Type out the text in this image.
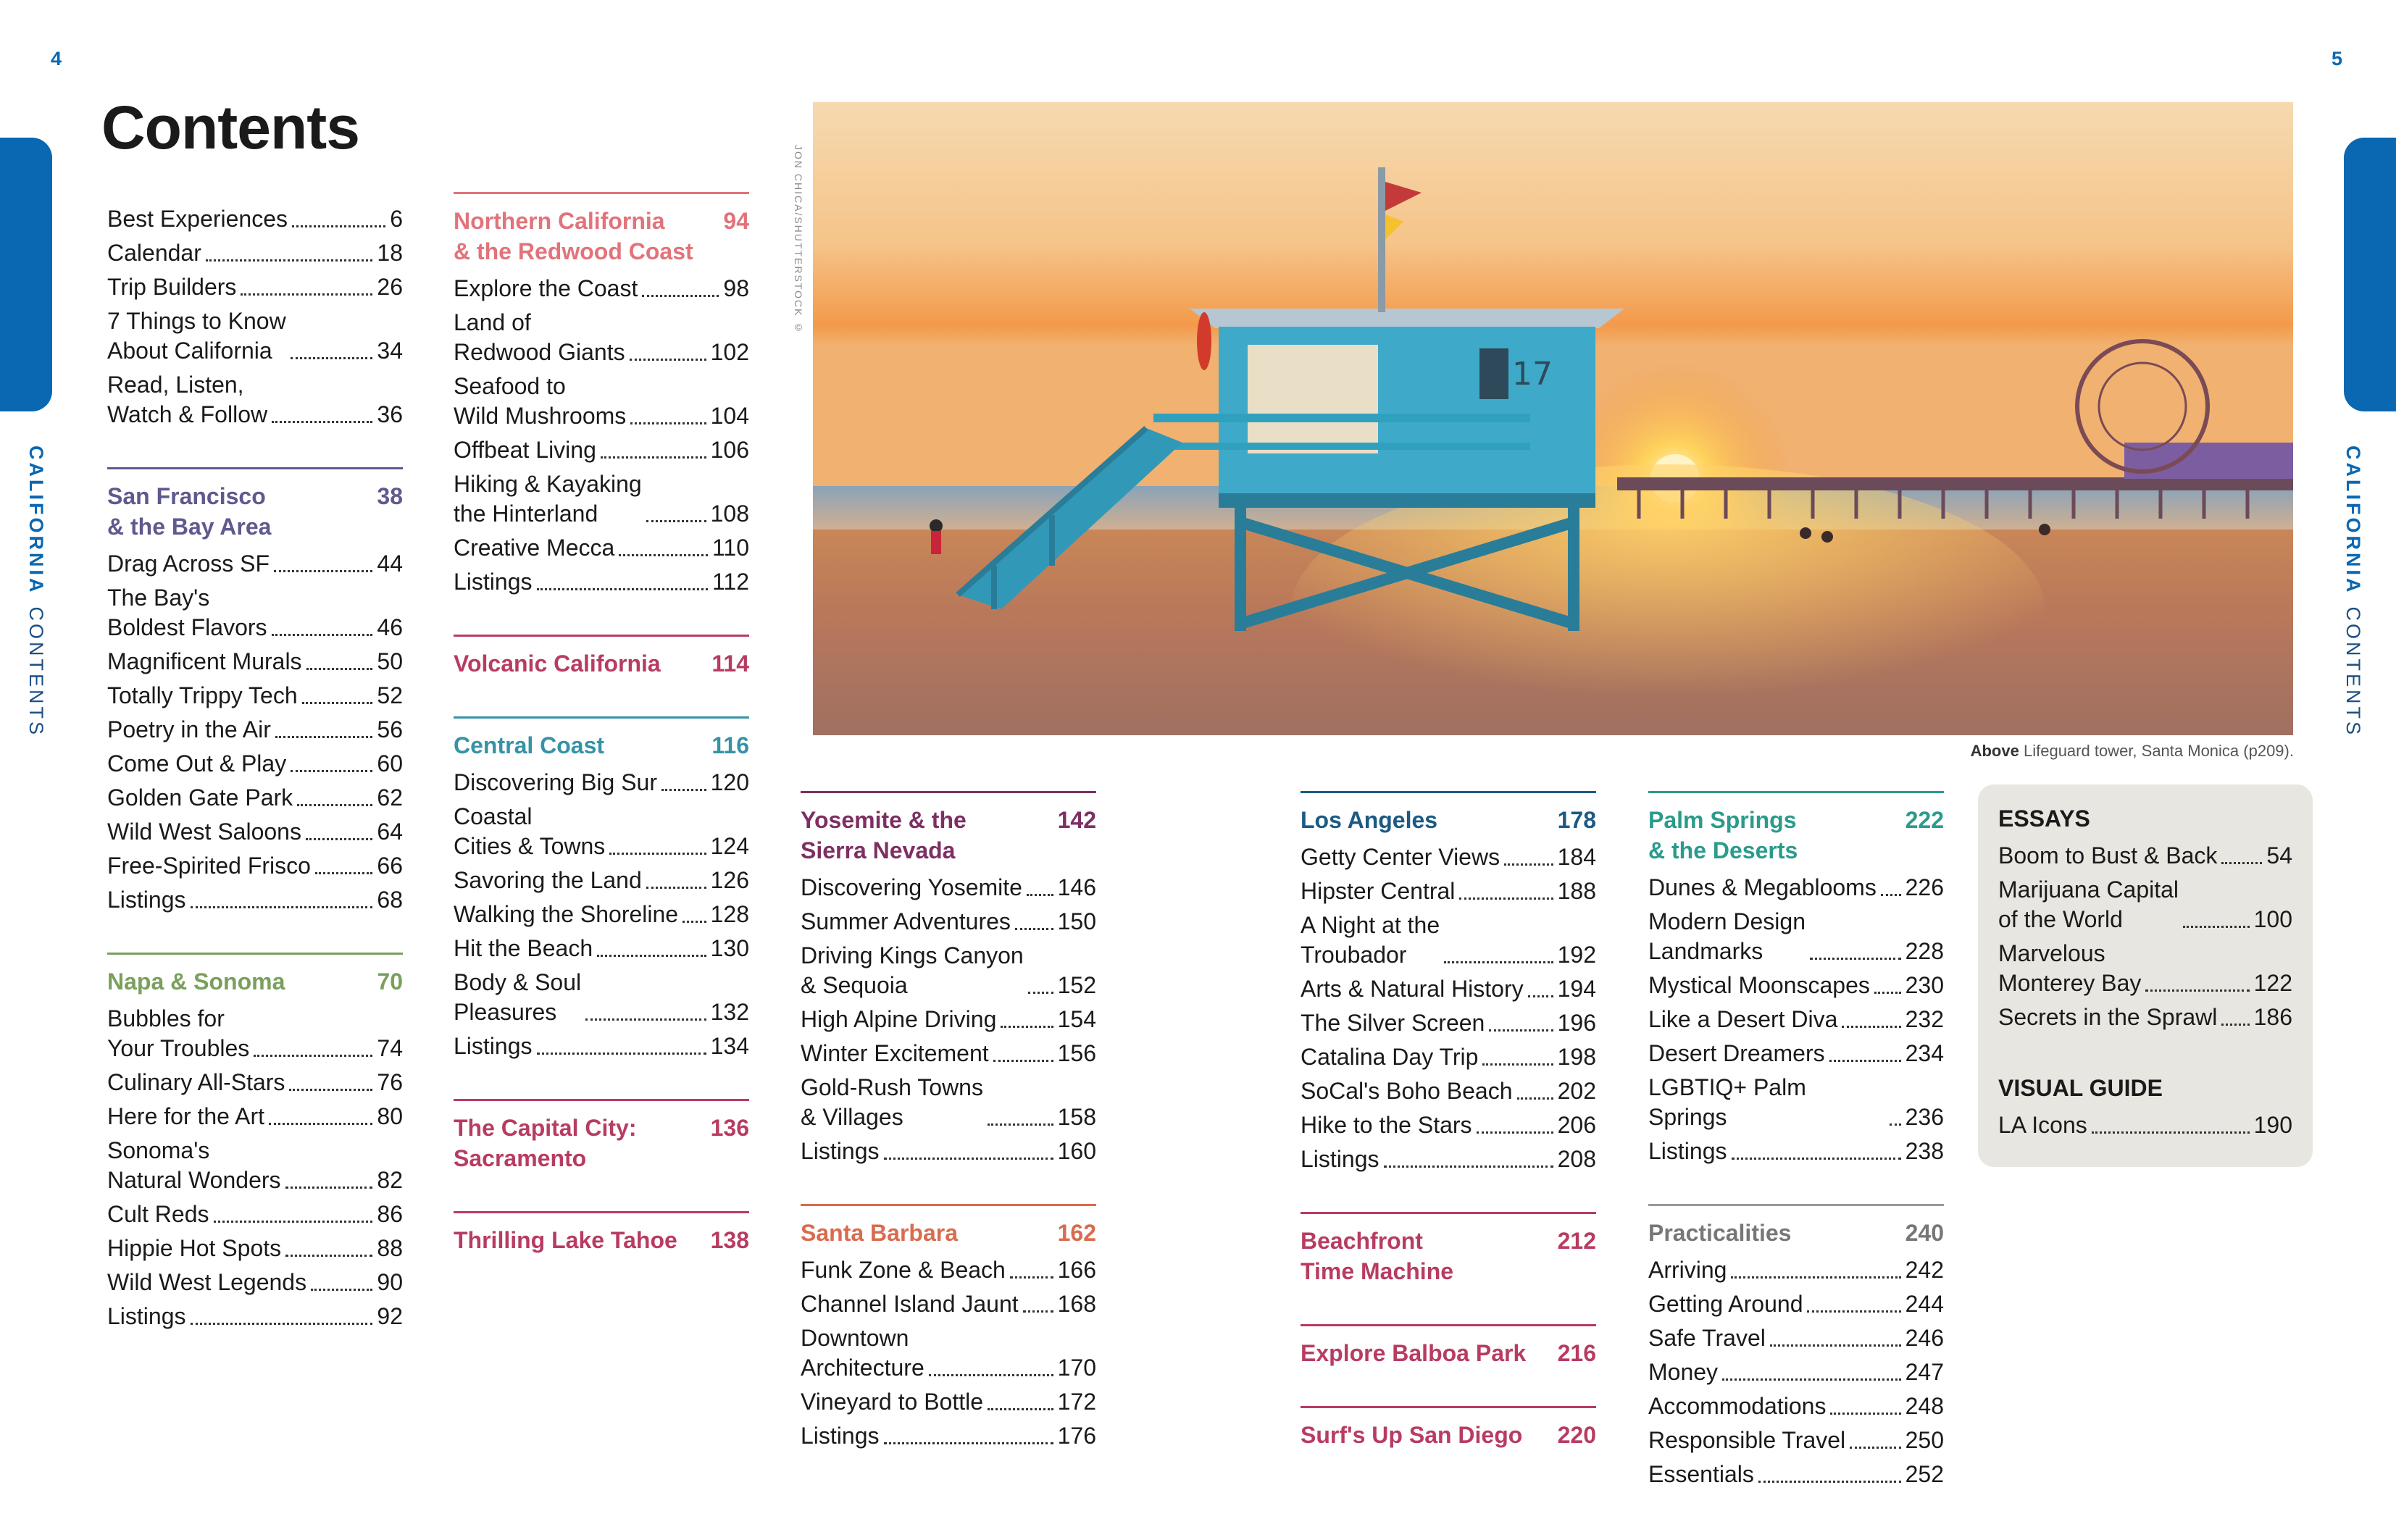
4	5
CALIFORNIACONTENTS
CALIFORNIACONTENTS
Contents
Best Experiences	6
Calendar	18
Trip Builders	26
7 Things to Know
About California	34
Read, Listen,
Watch & Follow	36
San Francisco
& the Bay Area
38
Drag Across SF	44
The Bay's
Boldest Flavors	46
Magnificent Murals	50
Totally Trippy Tech	52
Poetry in the Air	56
Come Out & Play	60
Golden Gate Park	62
Wild West Saloons	64
Free-Spirited Frisco	66
Listings	68
Napa & Sonoma	70
Bubbles for
Your Troubles	74
Culinary All-Stars	76
Here for the Art	80
Sonoma's
Natural Wonders	82
Cult Reds	86
Hippie Hot Spots	88
Wild West Legends	90
Listings	92
Northern California
& the Redwood Coast
94
Explore the Coast	98
Land of
Redwood Giants	102
Seafood to
Wild Mushrooms	104
Offbeat Living	106
Hiking & Kayaking
the Hinterland	108
Creative Mecca	110
Listings	112
Volcanic California 114
Central Coast	116
Discovering Big Sur 120
Coastal
Cities & Towns	124
Savoring the Land	126
Walking the Shoreline 128
Hit the Beach	130
Body & Soul
Pleasures	132
Listings	134
The Capital City:
Sacramento
136
Thrilling Lake Tahoe 138
JON CHICA/SHUTTERSTOCK ©
17
Above Lifeguard tower, Santa Monica (p209).
Yosemite & the
Sierra Nevada
142
Discovering Yosemite 146
Summer Adventures 150
Driving Kings Canyon
& Sequoia	152
High Alpine Driving	154
Winter Excitement	156
Gold-Rush Towns
& Villages	158
Listings	160
Santa Barbara	162
Funk Zone & Beach 166
Channel Island Jaunt 168
Downtown
Architecture	170
Vineyard to Bottle	172
Listings	176
Los Angeles	178
Getty Center Views 184
Hipster Central	188
A Night at the
Troubador	192
Arts & Natural History 194
The Silver Screen	196
Catalina Day Trip	198
SoCal's Boho Beach 202
Hike to the Stars	206
Listings	208
Beachfront
Time Machine
212
Explore Balboa Park 216
Surf's Up San Diego 220
Palm Springs
& the Deserts
222
Dunes & Megablooms 226
Modern Design
Landmarks	228
Mystical Moonscapes 230
Like a Desert Diva	232
Desert Dreamers	234
LGBTIQ+ Palm Springs	236
Listings	238
Practicalities	240
Arriving	242
Getting Around	244
Safe Travel	246
Money	247
Accommodations	248
Responsible Travel	250
Essentials	252
ESSAYS
Boom to Bust & Back 54
Marijuana Capital
of the World	100
Marvelous
Monterey Bay	122
Secrets in the Sprawl 186
VISUAL GUIDE
LA Icons	190
